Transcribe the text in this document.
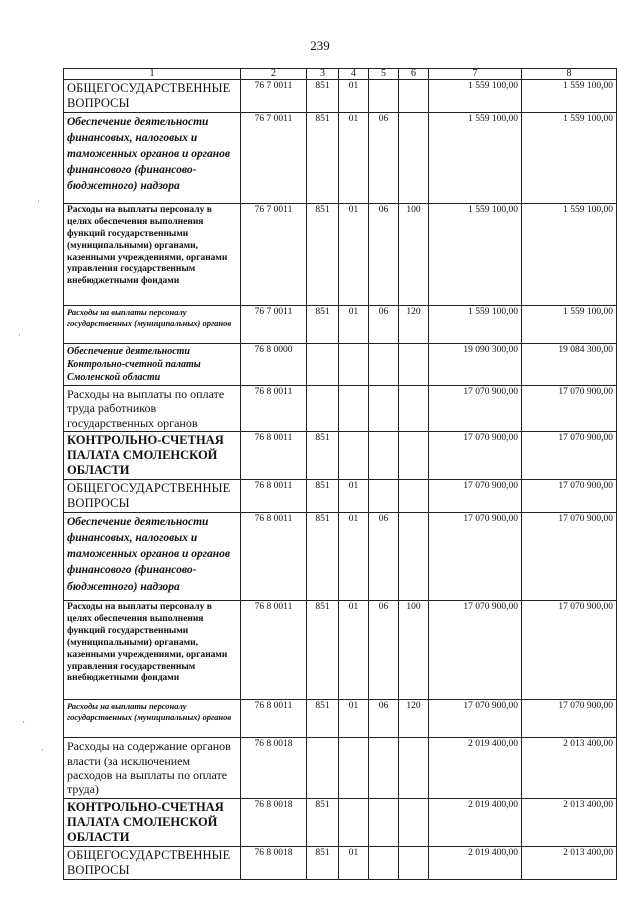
239
1	2	3	4	5	6	7	8
ОБЩЕГОСУДАРСТВЕННЫЕ ВОПРОСЫ	76 7 0011	851	01			1 559 100,00	1 559 100,00
Обеспечение деятельности финансовых, налоговых и таможенных органов и органов финансового (финансово-бюджетного) надзора	76 7 0011	851	01	06		1 559 100,00	1 559 100,00
Расходы на выплаты персоналу в целях обеспечения выполнения функций государственными (муниципальными) органами, казенными учреждениями, органами управления государственным внебюджетными фондами	76 7 0011	851	01	06	100	1 559 100,00	1 559 100,00
Расходы на выплаты персоналу государственных (муниципальных) органов	76 7 0011	851	01	06	120	1 559 100,00	1 559 100,00
Обеспечение деятельности Контрольно-счетной палаты Смоленской области	76 8 0000					19 090 300,00	19 084 300,00
Расходы на выплаты по оплате труда работников государственных органов	76 8 0011					17 070 900,00	17 070 900,00
КОНТРОЛЬНО-СЧЕТНАЯ ПАЛАТА СМОЛЕНСКОЙ ОБЛАСТИ	76 8 0011	851				17 070 900,00	17 070 900,00
ОБЩЕГОСУДАРСТВЕННЫЕ ВОПРОСЫ	76 8 0011	851	01			17 070 900,00	17 070 900,00
Обеспечение деятельности финансовых, налоговых и таможенных органов и органов финансового (финансово-бюджетного) надзора	76 8 0011	851	01	06		17 070 900,00	17 070 900,00
Расходы на выплаты персоналу в целях обеспечения выполнения функций государственными (муниципальными) органами, казенными учреждениями, органами управления государственным внебюджетными фондами	76 8 0011	851	01	06	100	17 070 900,00	17 070 900,00
Расходы на выплаты персоналу государственных (муниципальных) органов	76 8 0011	851	01	06	120	17 070 900,00	17 070 900,00
Расходы на содержание органов власти (за исключением расходов на выплаты по оплате труда)	76 8 0018					2 019 400,00	2 013 400,00
КОНТРОЛЬНО-СЧЕТНАЯ ПАЛАТА СМОЛЕНСКОЙ ОБЛАСТИ	76 8 0018	851				2 019 400,00	2 013 400,00
ОБЩЕГОСУДАРСТВЕННЫЕ ВОПРОСЫ	76 8 0018	851	01			2 019 400,00	2 013 400,00
·
·
·
·
